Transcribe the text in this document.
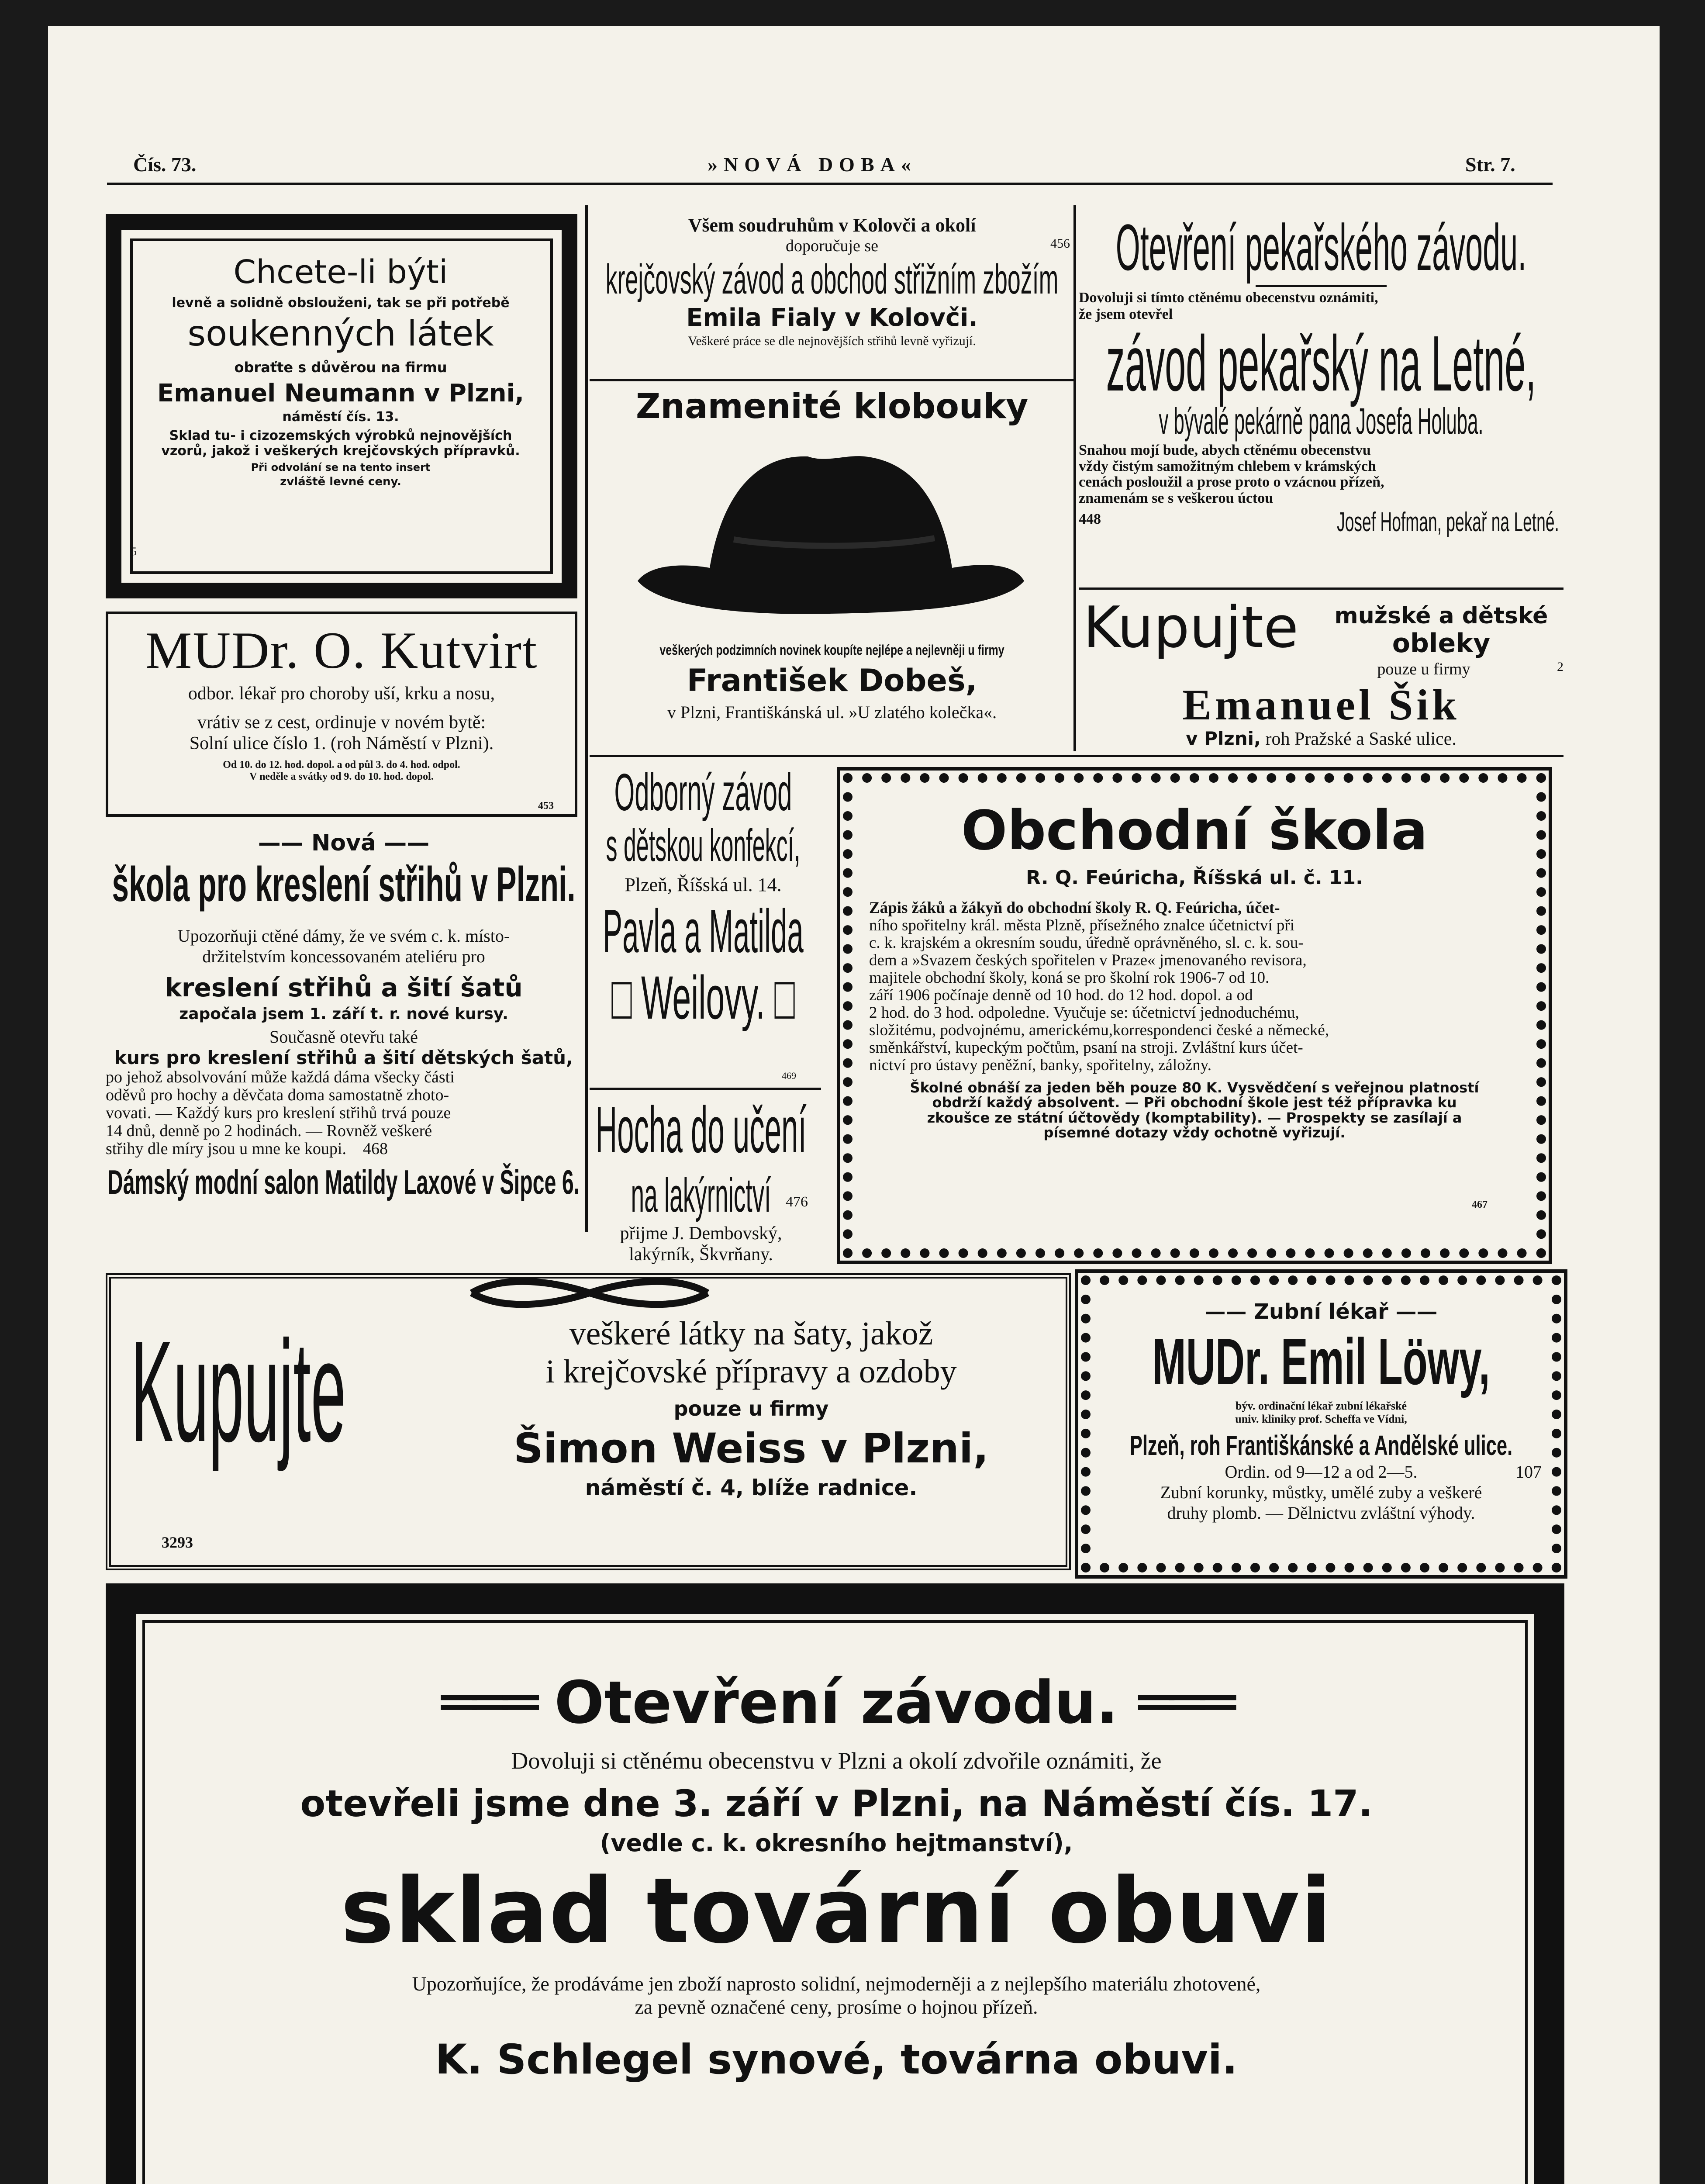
Čís. 73.	»NOVÁ DOBA«	Str. 7.
Chcete-li býti
levně a solidně obslouženi, tak se při potřebě
soukenných látek
obraťte s důvěrou na firmu
Emanuel Neumann v Plzni,
náměstí čís. 13.
Sklad tu- i cizozemských výrobků nejnovějších
vzorů, jakož i veškerých krejčovských přípravků.
Při odvolání se na tento insert
zvláště levné ceny.
5
MUDr. O. Kutvirt
odbor. lékař pro choroby uší, krku a nosu,
vrátiv se z cest, ordinuje v novém bytě:
Solní ulice číslo 1. (roh Náměstí v Plzni).
Od 10. do 12. hod. dopol. a od půl 3. do 4. hod. odpol.
V neděle a svátky od 9. do 10. hod. dopol.
453
—— Nová ——
škola pro kreslení střihů v Plzni.
Upozorňuji ctěné dámy, že ve svém c. k. místo-
držitelstvím koncessovaném ateliéru pro
kreslení střihů a šití šatů
započala jsem 1. září t. r. nové kursy.
Současně otevřu také
kurs pro kreslení střihů a šití dětských šatů,
po jehož absolvování může každá dáma všecky části
oděvů pro hochy a děvčata doma samostatně zhoto-
vovati. — Každý kurs pro kreslení střihů trvá pouze
14 dnů, denně po 2 hodinách. — Rovněž veškeré
střihy dle míry jsou u mne ke koupi. 468
Dámský modní salon Matildy Laxové v Šipce 6.
Všem soudruhům v Kolovči a okolí
doporučuje se	456
krejčovský závod a obchod střižním zbožím
Emila Fialy v Kolovči.
Veškeré práce se dle nejnovějších střihů levně vyřizují.
Znamenité klobouky
veškerých podzimních novinek koupíte nejlépe a nejlevněji u firmy
František Dobeš,
v Plzni, Františkánská ul. »U zlatého kolečka«.
Odborný závod
s dětskou konfekcí,
Plzeň, Říšská ul. 14.
Pavla a Matilda
□ Weilovy. □
469
Hocha do učení
na lakýrnictví 476
přijme J. Dembovský,
lakýrník, Škvrňany.
Otevření pekařského závodu.
Dovoluji si tímto ctěnému obecenstvu oznámiti,
že jsem otevřel
závod pekařský na Letné,
v bývalé pekárně pana Josefa Holuba.
Snahou mojí bude, abych ctěnému obecenstvu
vždy čistým samožitným chlebem v krámských
cenách posloužil a prose proto o vzácnou přízeň,
znamenám se s veškerou úctou
448	Josef Hofman, pekař na Letné.
Kupujte	mužské a dětské
obleky
pouze u firmy	2
Emanuel Šik
v Plzni, roh Pražské a Saské ulice.
Obchodní škola
R. Q. Feúricha, Říšská ul. č. 11.
Zápis žáků a žákyň do obchodní školy R. Q. Feúricha, účet-
ního spořitelny král. města Plzně, přísežného znalce účetnictví při
c. k. krajském a okresním soudu, úředně oprávněného, sl. c. k. sou-
dem a »Svazem českých spořitelen v Praze« jmenovaného revisora,
majitele obchodní školy, koná se pro školní rok 1906-7 od 10.
září 1906 počínaje denně od 10 hod. do 12 hod. dopol. a od
2 hod. do 3 hod. odpoledne. Vyučuje se: účetnictví jednoduchému,
složitému, podvojnému, americkému,korrespondenci české a německé,
směnkářství, kupeckým počtům, psaní na stroji. Zvláštní kurs účet-
nictví pro ústavy peněžní, banky, spořitelny, záložny.
Školné obnáší za jeden běh pouze 80 K. Vysvědčení s veřejnou platností
obdrží každý absolvent. — Při obchodní škole jest též přípravka ku
zkoušce ze státní účtovědy (komptability). — Prospekty se zasílají a
písemné dotazy vždy ochotně vyřizují.
467
Kupujte	veškeré látky na šaty, jakož
i krejčovské přípravy a ozdoby
pouze u firmy
Šimon Weiss v Plzni,
náměstí č. 4, blíže radnice.
3293
—— Zubní lékař ——
MUDr. Emil Löwy,
býv. ordinační lékař zubní lékařské
univ. kliniky prof. Scheffa ve Vídni,
Plzeň, roh Františkánské a Andělské ulice.
Ordin. od 9—12 a od 2—5.	107
Zubní korunky, můstky, umělé zuby a veškeré
druhy plomb. — Dělnictvu zvláštní výhody.
═══ Otevření závodu. ═══
Dovoluji si ctěnému obecenstvu v Plzni a okolí zdvořile oznámiti, že
otevřeli jsme dne 3. září v Plzni, na Náměstí čís. 17.
(vedle c. k. okresního hejtmanství),
sklad tovární obuvi
Upozorňujíce, že prodáváme jen zboží naprosto solidní, nejmoderněji a z nejlepšího materiálu zhotovené,
za pevně označené ceny, prosíme o hojnou přízeň.
K. Schlegel synové, továrna obuvi.
